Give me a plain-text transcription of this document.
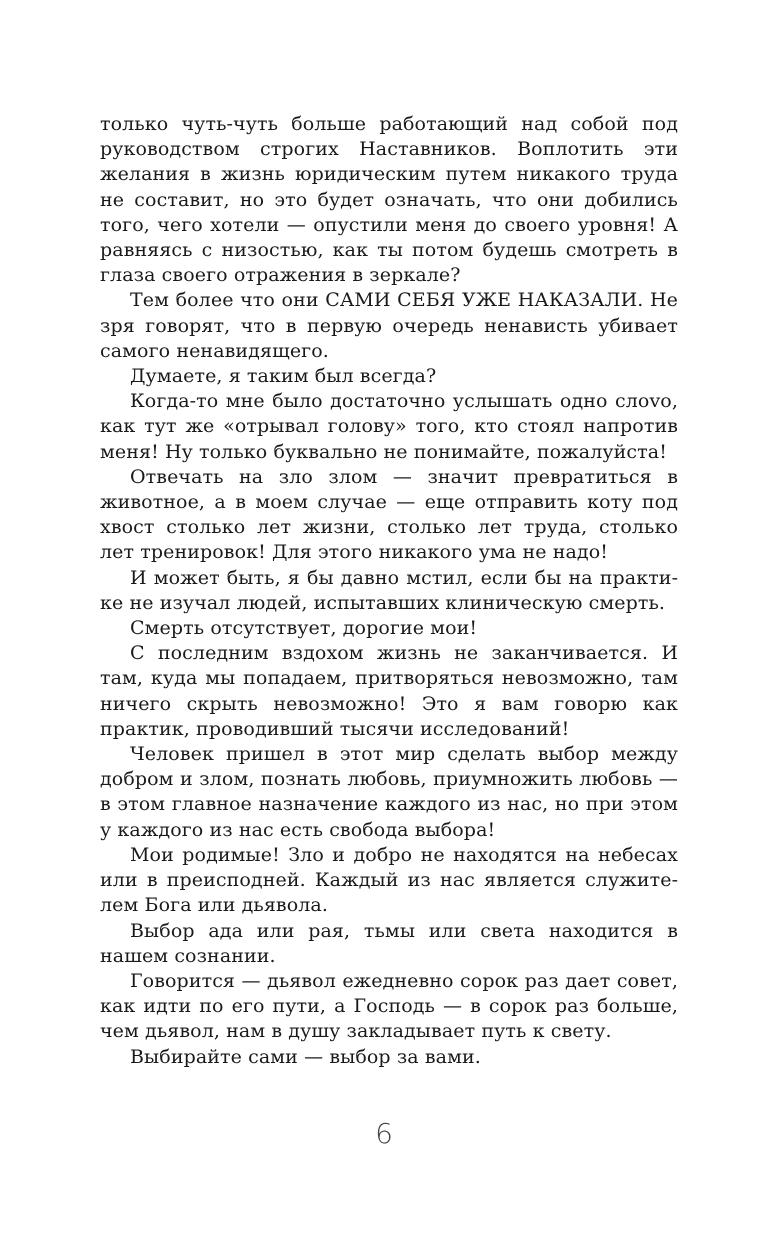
только чуть-чуть больше работающий над собой под руководством строгих Наставников. Воплотить эти желания в жизнь юридическим путем никакого труда не составит, но это будет означать, что они добились того, чего хотели — опустили меня до своего уровня! А равняясь с низостью, как ты потом будешь смотреть в глаза своего отражения в зеркале?

Тем более что они САМИ СЕБЯ УЖЕ НАКАЗАЛИ. Не зря говорят, что в первую очередь ненависть убивает самого ненавидящего.

Думаете, я таким был всегда?

Когда-то мне было достаточно услышать одно слоvo, как тут же «отрывал голову» того, кто стоял напротив меня! Ну только буквально не понимайте, пожалуйста!

Отвечать на зло злом — значит превратиться в животное, а в моем случае — еще отправить коту под хвост столько лет жизни, столько лет труда, столько лет тренировок! Для этого никакого ума не надо!

И может быть, я бы давно мстил, если бы на практике не изучал людей, испытавших клиническую смерть.

Смерть отсутствует, дорогие мои!

С последним вздохом жизнь не заканчивается. И там, куда мы попадаем, притворяться невозможно, там ничего скрыть невозможно! Это я вам говорю как практик, проводивший тысячи исследований!

Человек пришел в этот мир сделать выбор между добром и злом, познать любовь, приумножить любовь — в этом главное назначение каждого из нас, но при этом у каждого из нас есть свобода выбора!

Мои родимые! Зло и добро не находятся на небесах или в преисподней. Каждый из нас является служителем Бога или дьявола.

Выбор ада или рая, тьмы или света находится в нашем сознании.

Говорится — дьявол ежедневно сорок раз дает совет, как идти по его пути, а Господь — в сорок раз больше, чем дьявол, нам в душу закладывает путь к свету.

Выбирайте сами — выбор за вами.

6
